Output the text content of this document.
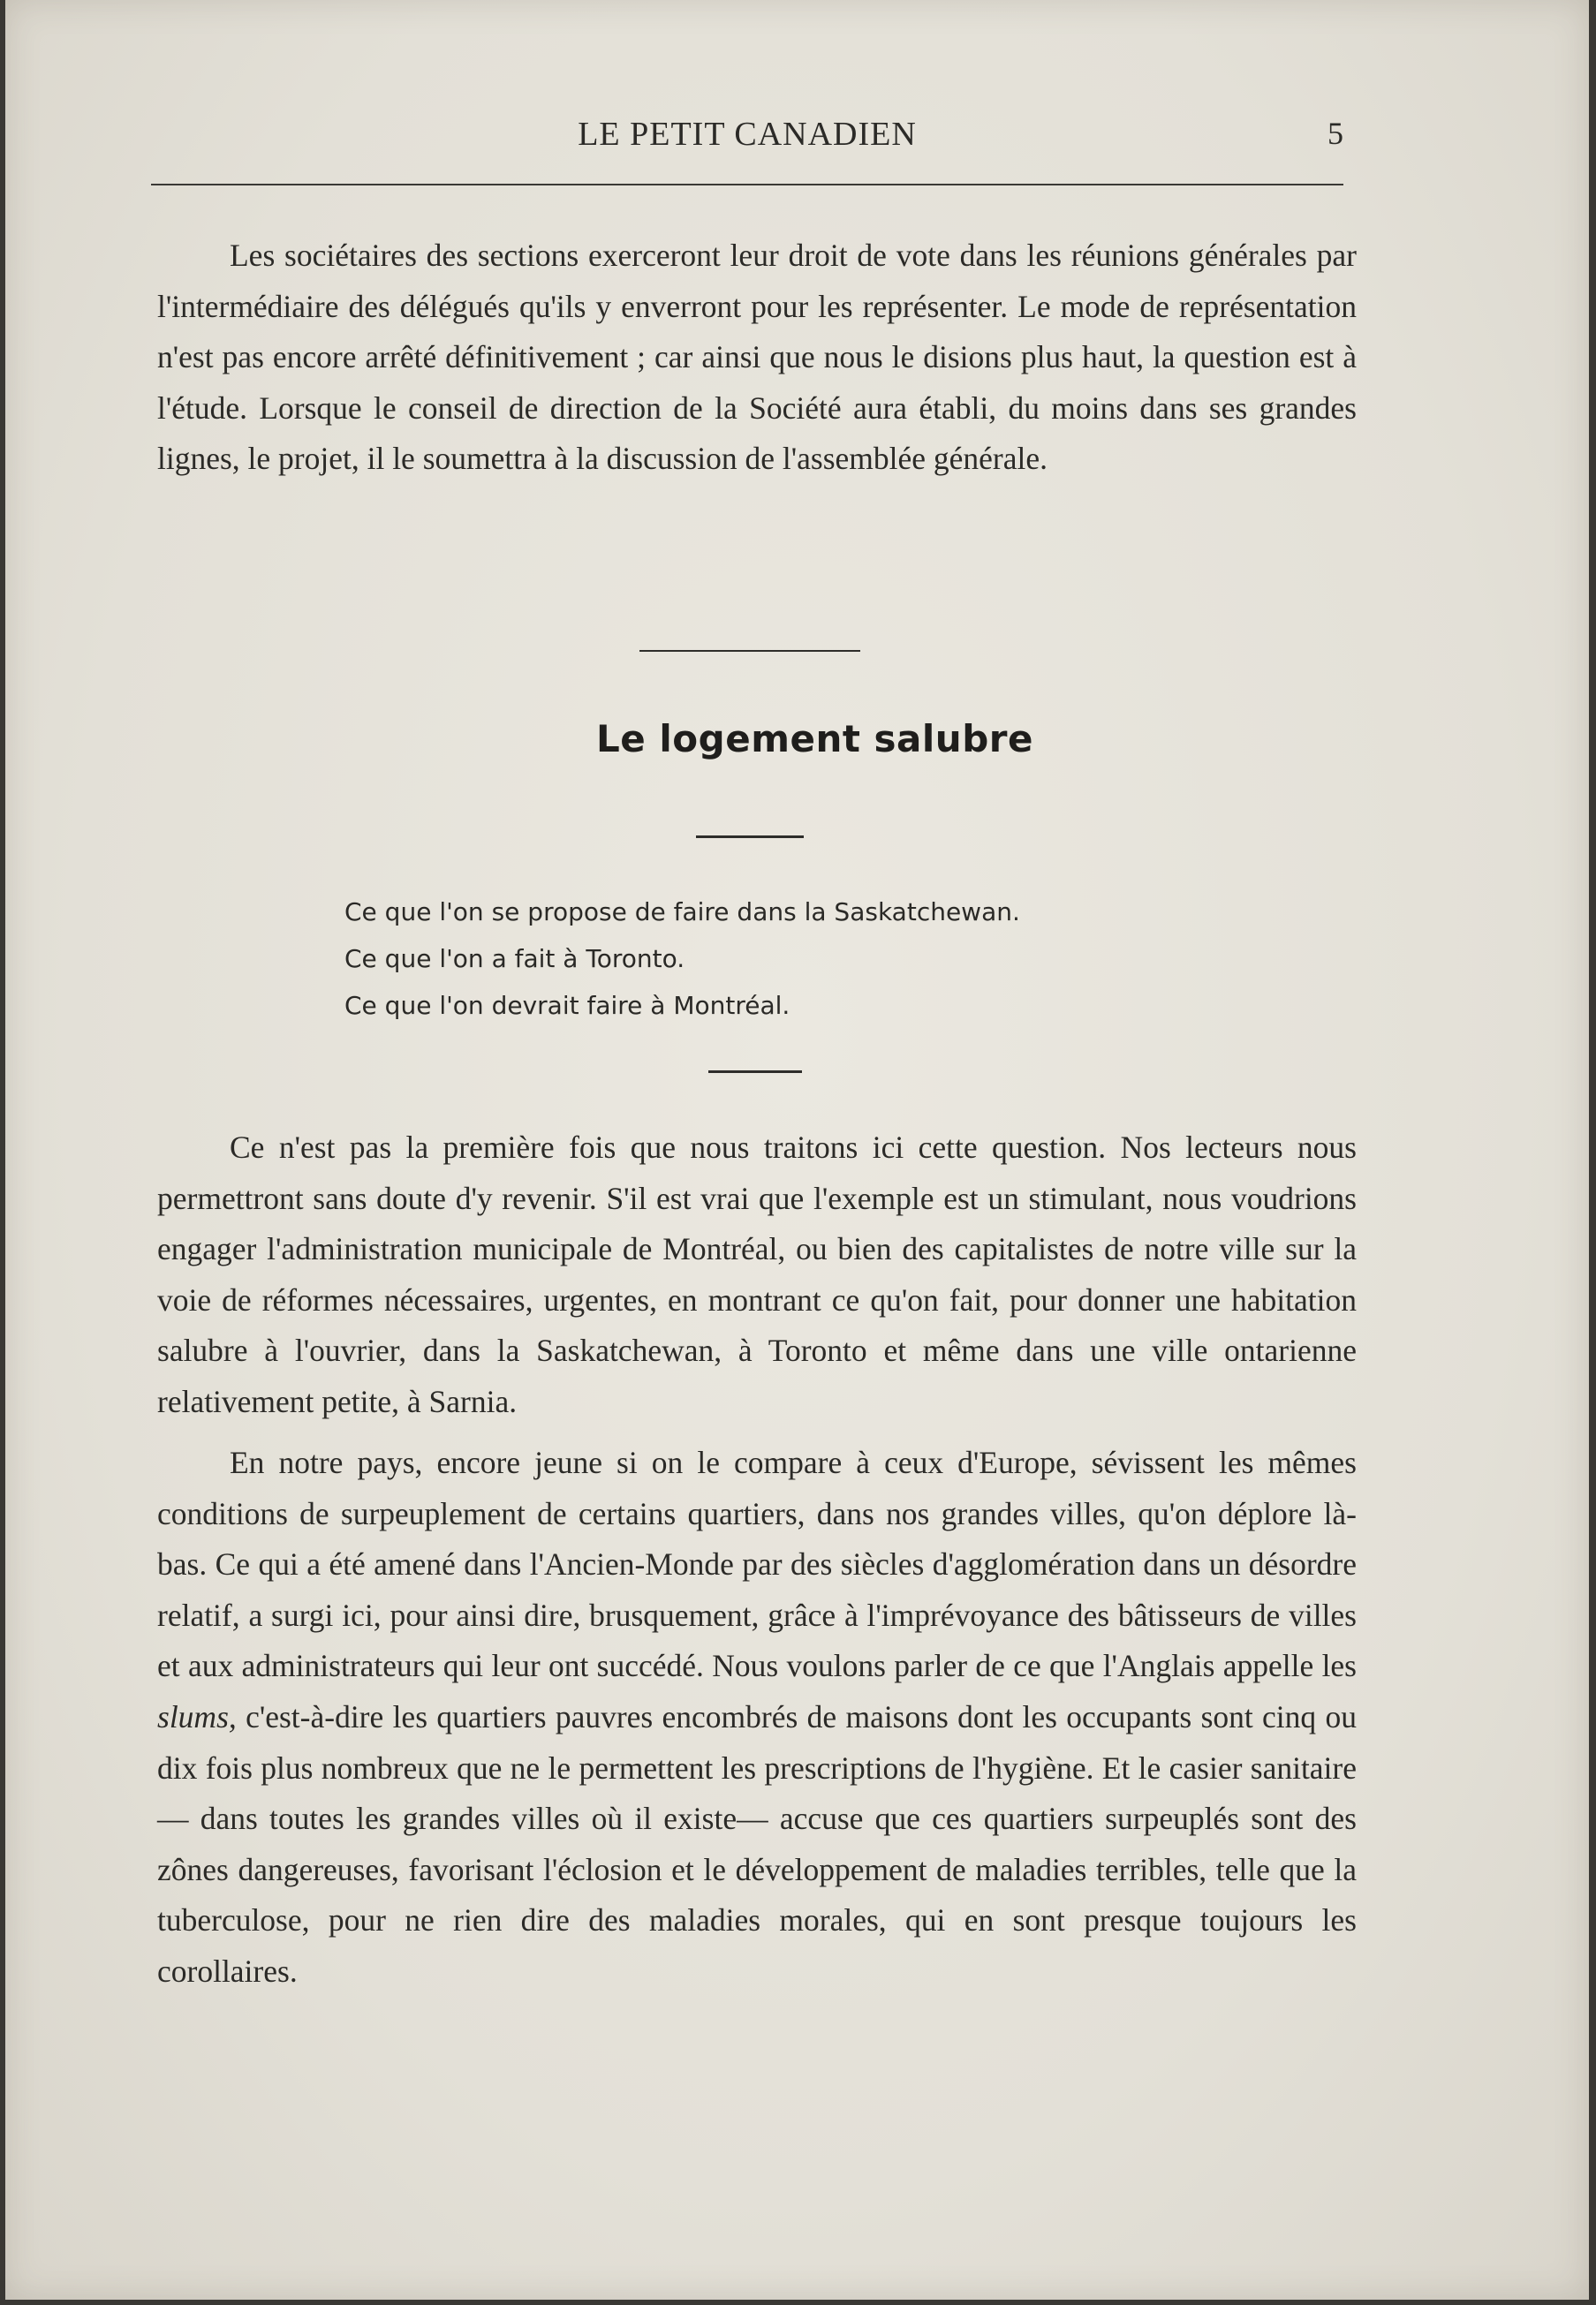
LE PETIT CANADIEN	5

Les sociétaires des sections exerceront leur droit de vote dans les réunions générales par l'intermédiaire des délégués qu'ils y enverront pour les représenter. Le mode de représentation n'est pas encore arrêté définitivement ; car ainsi que nous le disions plus haut, la question est à l'étude. Lorsque le conseil de direction de la Société aura établi, du moins dans ses grandes lignes, le projet, il le soumettra à la discussion de l'assemblée générale.

Le logement salubre
Ce que l'on se propose de faire dans la Saskatchewan.
Ce que l'on a fait à Toronto.
Ce que l'on devrait faire à Montréal.

Ce n'est pas la première fois que nous traitons ici cette question. Nos lecteurs nous permettront sans doute d'y revenir. S'il est vrai que l'exemple est un stimulant, nous voudrions engager l'administration municipale de Montréal, ou bien des capitalistes de notre ville sur la voie de réformes nécessaires, urgentes, en montrant ce qu'on fait, pour donner une habitation salubre à l'ouvrier, dans la Saskatchewan, à Toronto et même dans une ville ontarienne relativement petite, à Sarnia.

En notre pays, encore jeune si on le compare à ceux d'Europe, sévissent les mêmes conditions de surpeuplement de certains quartiers, dans nos grandes villes, qu'on déplore là-bas. Ce qui a été amené dans l'Ancien-Monde par des siècles d'agglomération dans un désordre relatif, a surgi ici, pour ainsi dire, brusquement, grâce à l'imprévoyance des bâtisseurs de villes et aux administrateurs qui leur ont succédé. Nous voulons parler de ce que l'Anglais appelle les slums, c'est-à-dire les quartiers pauvres encombrés de maisons dont les occupants sont cinq ou dix fois plus nombreux que ne le permettent les prescriptions de l'hygiène. Et le casier sanitaire — dans toutes les grandes villes où il existe— accuse que ces quartiers surpeuplés sont des zônes dangereuses, favorisant l'éclosion et le développement de maladies terribles, telle que la tuberculose, pour ne rien dire des maladies morales, qui en sont presque toujours les corollaires.
